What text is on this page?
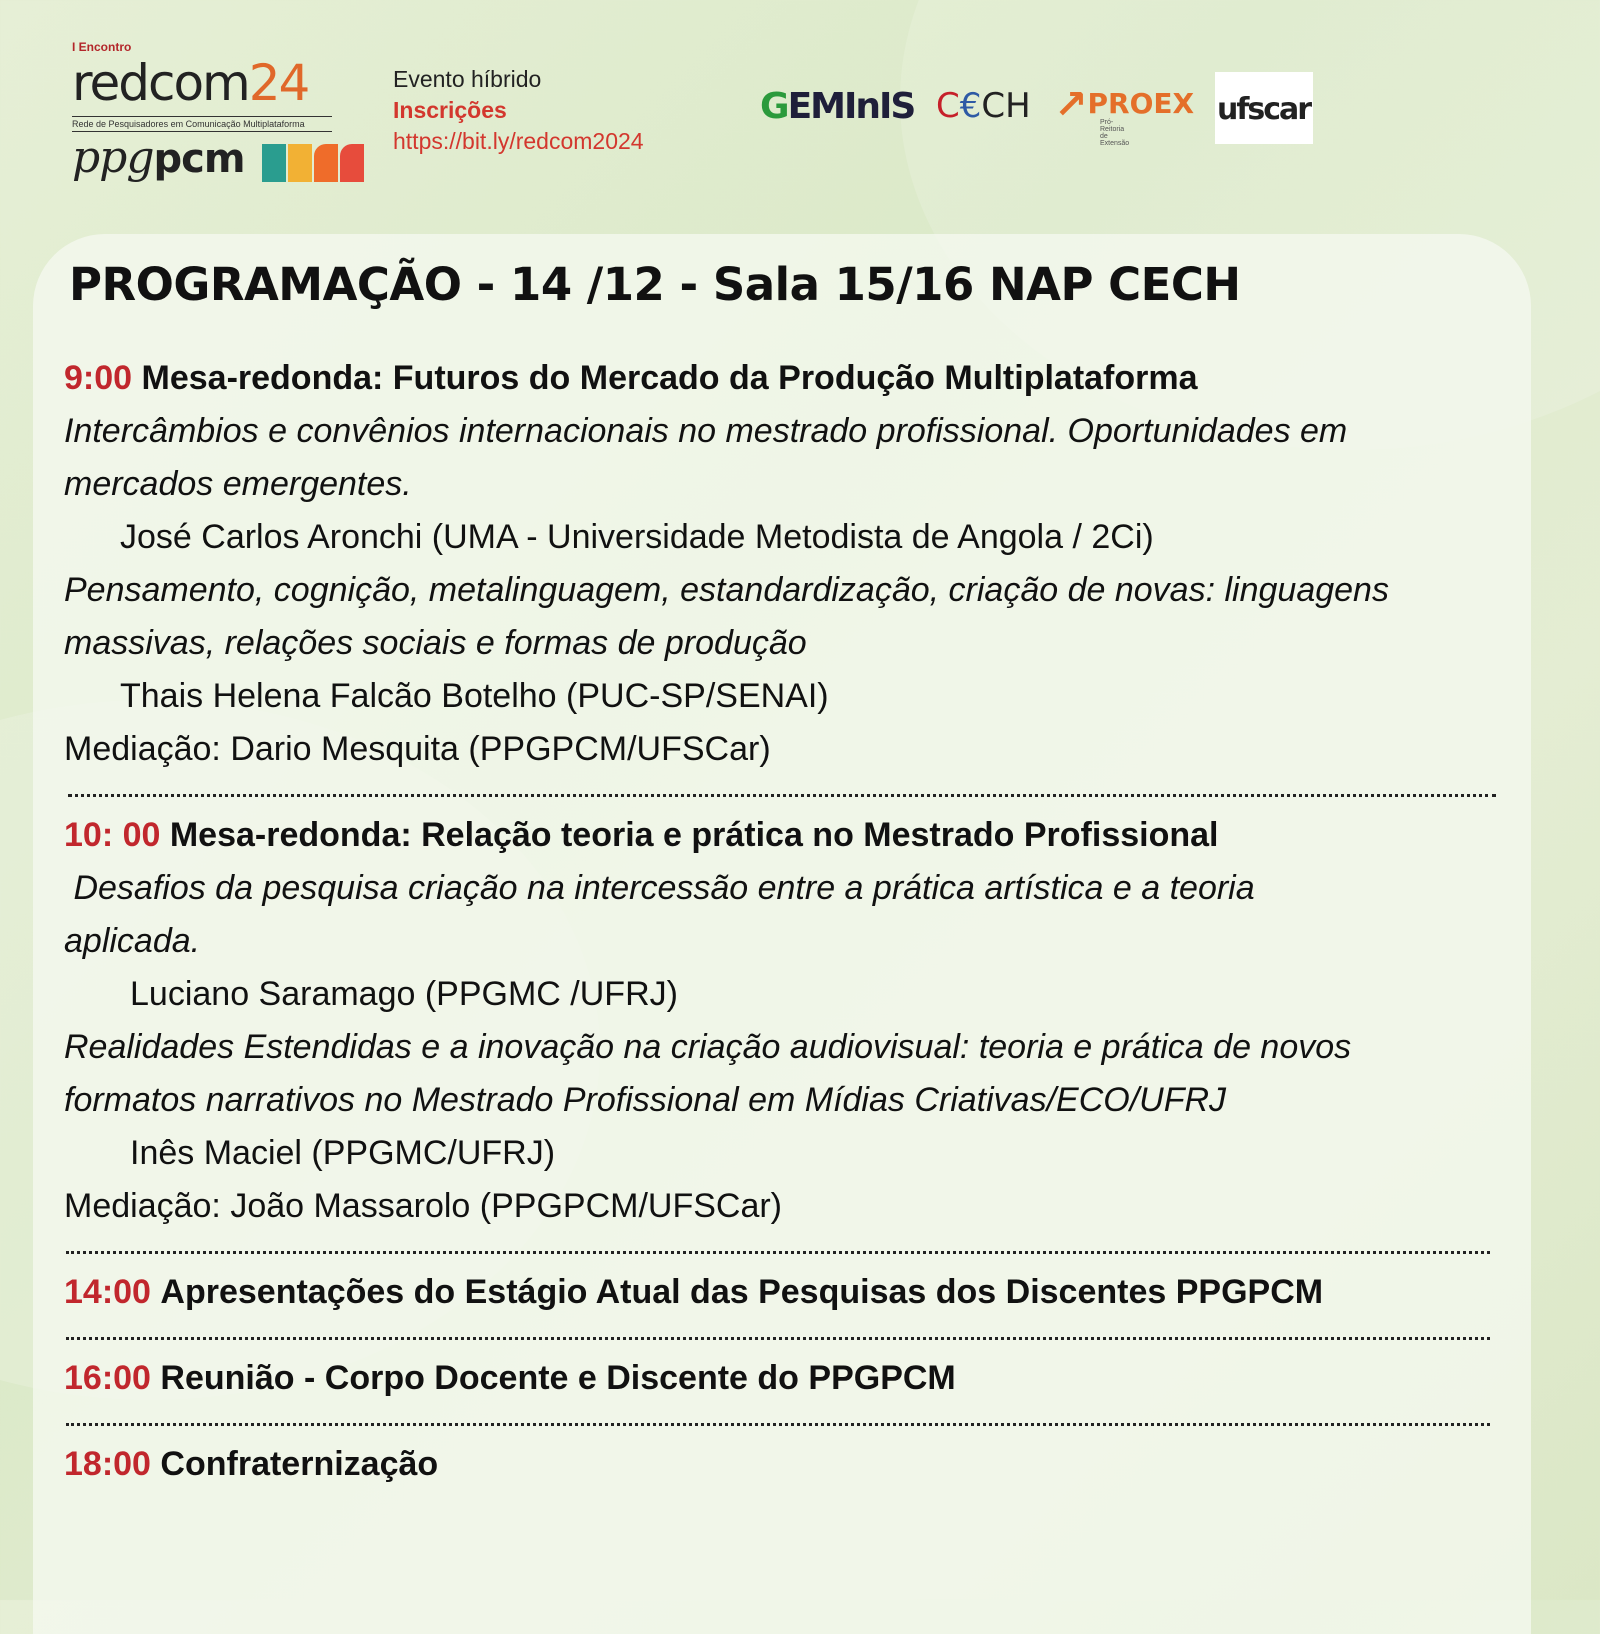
I Encontro
redcom24
Rede de Pesquisadores em Comunicação Multiplataforma
ppgpcm
Evento híbrido
Inscrições
https://bit.ly/redcom2024
GEMInIS C€CH ↗PROEX
Pró-Reitoria de Extensão
ufscar
PROGRAMAÇÃO - 14 /12 - Sala 15/16 NAP CECH
9:00 Mesa-redonda: Futuros do Mercado da Produção Multiplataforma
Intercâmbios e convênios internacionais no mestrado profissional. Oportunidades em
mercados emergentes.
José Carlos Aronchi (UMA - Universidade Metodista de Angola / 2Ci)
Pensamento, cognição, metalinguagem, estandardização, criação de novas: linguagens
massivas, relações sociais e formas de produção
Thais Helena Falcão Botelho (PUC-SP/SENAI)
Mediação: Dario Mesquita (PPGPCM/UFSCar)
10: 00 Mesa-redonda: Relação teoria e prática no Mestrado Profissional
Desafios da pesquisa criação na intercessão entre a prática artística e a teoria
aplicada.
Luciano Saramago (PPGMC /UFRJ)
Realidades Estendidas e a inovação na criação audiovisual: teoria e prática de novos
formatos narrativos no Mestrado Profissional em Mídias Criativas/ECO/UFRJ
Inês Maciel (PPGMC/UFRJ)
Mediação: João Massarolo (PPGPCM/UFSCar)
14:00 Apresentações do Estágio Atual das Pesquisas dos Discentes PPGPCM
16:00 Reunião - Corpo Docente e Discente do PPGPCM
18:00 Confraternização
